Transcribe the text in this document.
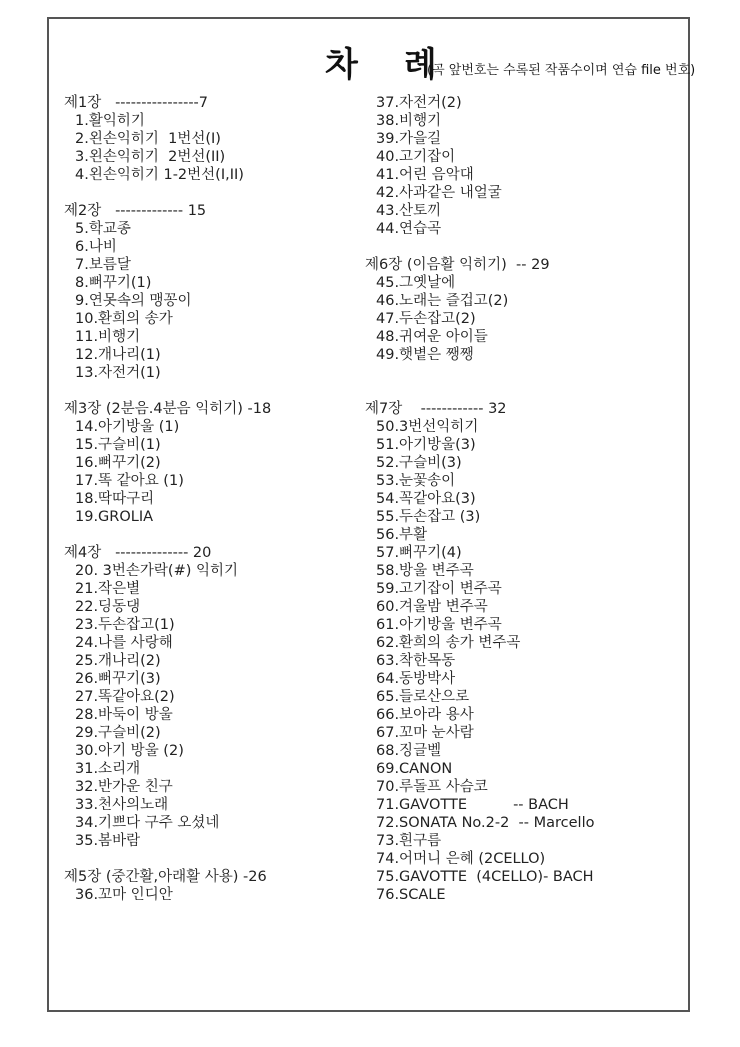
차 례
(곡 앞번호는 수록된 작품수이며 연습 file 번호)
제1장   ----------------7
1.활익히기
2.왼손익히기  1번선(I)
3.왼손익히기  2번선(II)
4.왼손익히기 1-2번선(I,II)
제2장   ------------- 15
5.학교종
6.나비
7.보름달
8.뻐꾸기(1)
9.연못속의 맹꽁이
10.환희의 송가
11.비행기
12.개나리(1)
13.자전거(1)
제3장 (2분음.4분음 익히기) -18
14.아기방울 (1)
15.구슬비(1)
16.뻐꾸기(2)
17.똑 같아요 (1)
18.딱따구리
19.GROLIA
제4장   -------------- 20
20. 3번손가락(#) 익히기
21.작은별
22.딩동댕
23.두손잡고(1)
24.나를 사랑해
25.개나리(2)
26.뻐꾸기(3)
27.똑같아요(2)
28.바둑이 방울
29.구슬비(2)
30.아기 방울 (2)
31.소리개
32.반가운 친구
33.천사의노래
34.기쁘다 구주 오셨네
35.봄바람
제5장 (중간활,아래활 사용) -26
36.꼬마 인디안
37.자전거(2)
38.비행기
39.가을길
40.고기잡이
41.어린 음악대
42.사과같은 내얼굴
43.산토끼
44.연습곡
제6장 (이음활 익히기)  -- 29
45.그옛날에
46.노래는 즐겁고(2)
47.두손잡고(2)
48.귀여운 아이들
49.햇볕은 쨍쨍
제7장    ------------ 32
50.3번선익히기
51.아기방울(3)
52.구슬비(3)
53.눈꽃송이
54.꼭같아요(3)
55.두손잡고 (3)
56.부활
57.뻐꾸기(4)
58.방울 변주곡
59.고기잡이 변주곡
60.겨울밤 변주곡
61.아기방울 변주곡
62.환희의 송가 변주곡
63.착한목동
64.동방박사
65.들로산으로
66.보아라 용사
67.꼬마 눈사람
68.징글벨
69.CANON
70.루돌프 사슴코
71.GAVOTTE          -- BACH
72.SONATA No.2-2  -- Marcello
73.흰구름
74.어머니 은혜 (2CELLO)
75.GAVOTTE  (4CELLO)- BACH
76.SCALE
